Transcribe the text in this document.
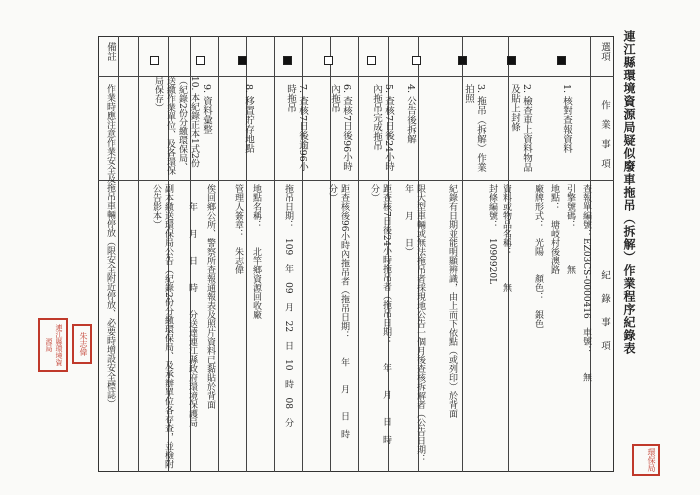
連江縣環境資源局疑似廢車拖吊（拆解）作業程序紀錄表
選項
作業事項
紀錄事項
1. 核對查報資料
查報單編號：EZ03CS-0000416　車號：　　無
引擎號碼：　　　　無
地點：　塘岐村後澳路
廠牌形式：　光陽　　顏色：　銀色
2. 檢查車上資料物品及貼上封條
資料或物品名稱：　　　無
封條編號：　1090920L
3. 拖吊（拆解）作業拍照
紀錄有日期並能明顯辨識，由上而下依點（或列印）於背面
4. 公告後拆解
限大型車輛或無法拖吊者採現地公告一個月後查核拆解者（公告日期：　　年　　月　　日）
5. 查核7日後24小時內拖吊完成拖吊
距查核7日後24小時拖吊者（拖吊日期：　　年　　月　　日　時　　分）
6. 查核7日後96小時內拖吊
距查核後96小時內拖吊者（拖吊日期：　　年　　月　　日　時　　分）
7. 查核7日後逾96小時拖吊
拖吊日期：　109　年　09　月　22　日　10　時　08　分
8. 移置貯存地點
地點名稱：　　北竿鄉資源回收廠
管理人簽章：　朱志偉
9. 資料彙整
俟回鄉公所、警察所查報通報表及照片資料已黏貼於背面
　　年　　月　　日　　時　　分送達連江縣政府環境保護局
10. 本紀錄正本1式2份（紀錄2份分繳環保局、送繳作業單位、及各環保局保存）
副本繳送環保局公告（紀錄2份分繳環保局、及承辦單位各存查，並檢附公告影本）
備註
作業時應注意作業安全及拖吊車輛停放（限安全附近停放、必要時增設安全標誌）
連江縣環境資源局	朱志偉
環保局
